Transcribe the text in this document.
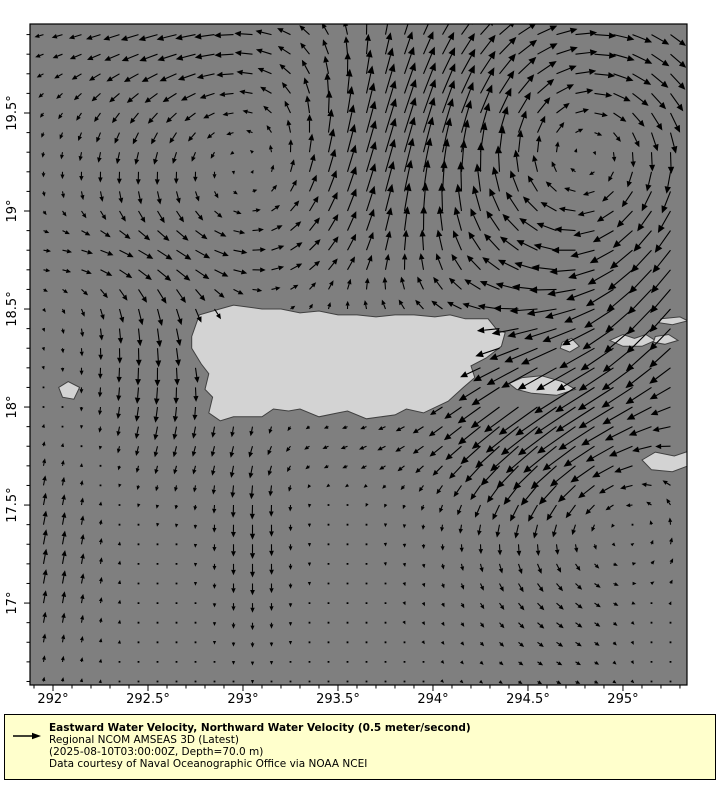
292°	292.5°	293°	293.5°	294°	294.5°	295°
19.5°
19°
18.5°
18°
17.5°
17°
Eastward Water Velocity, Northward Water Velocity (0.5 meter/second)
Regional NCOM AMSEAS 3D (Latest)
(2025-08-10T03:00:00Z, Depth=70.0 m)
Data courtesy of Naval Oceanographic Office via NOAA NCEI
